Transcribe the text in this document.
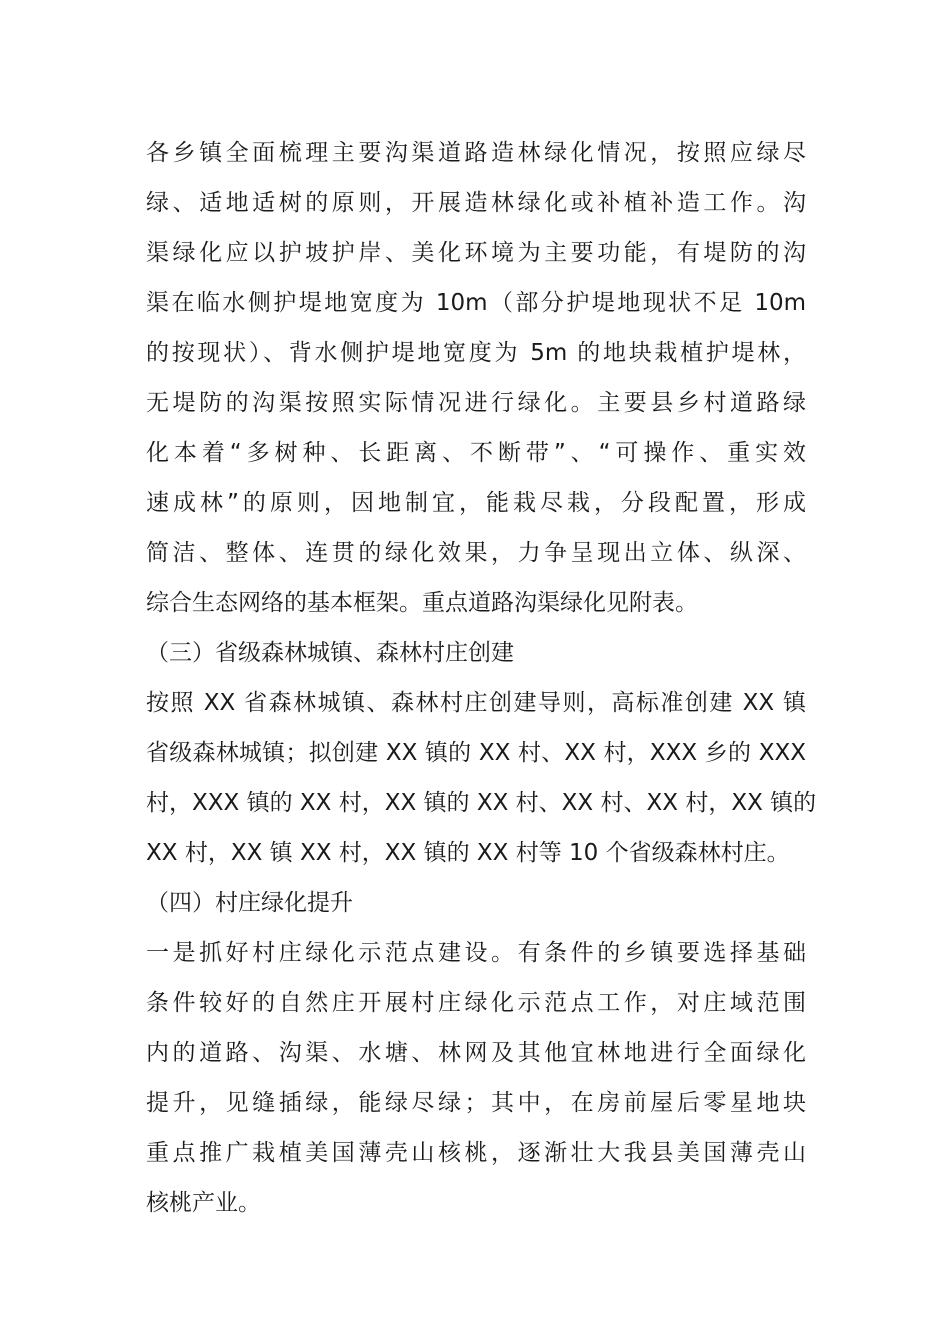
各乡镇全面梳理主要沟渠道路造林绿化情况，按照应绿尽
绿、适地适树的原则，开展造林绿化或补植补造工作。沟
渠绿化应以护坡护岸、美化环境为主要功能，有堤防的沟
渠在临水侧护堤地宽度为 10m（部分护堤地现状不足 10m
的按现状）、背水侧护堤地宽度为 5m 的地块栽植护堤林，
无堤防的沟渠按照实际情况进行绿化。主要县乡村道路绿
化本着“多树种、长距离、不断带”、“可操作、重实效
速成林”的原则，因地制宜，能栽尽栽，分段配置，形成
简洁、整体、连贯的绿化效果，力争呈现出立体、纵深、
综合生态网络的基本框架。重点道路沟渠绿化见附表。
（三）省级森林城镇、森林村庄创建
按照 XX 省森林城镇、森林村庄创建导则，高标准创建 XX 镇
省级森林城镇；拟创建 XX 镇的 XX 村、XX 村，XXX 乡的 XXX
村，XXX 镇的 XX 村，XX 镇的 XX 村、XX 村、XX 村，XX 镇的
XX 村，XX 镇 XX 村，XX 镇的 XX 村等 10 个省级森林村庄。
（四）村庄绿化提升
一是抓好村庄绿化示范点建设。有条件的乡镇要选择基础
条件较好的自然庄开展村庄绿化示范点工作，对庄域范围
内的道路、沟渠、水塘、林网及其他宜林地进行全面绿化
提升，见缝插绿，能绿尽绿；其中，在房前屋后零星地块
重点推广栽植美国薄壳山核桃，逐渐壮大我县美国薄壳山
核桃产业。
